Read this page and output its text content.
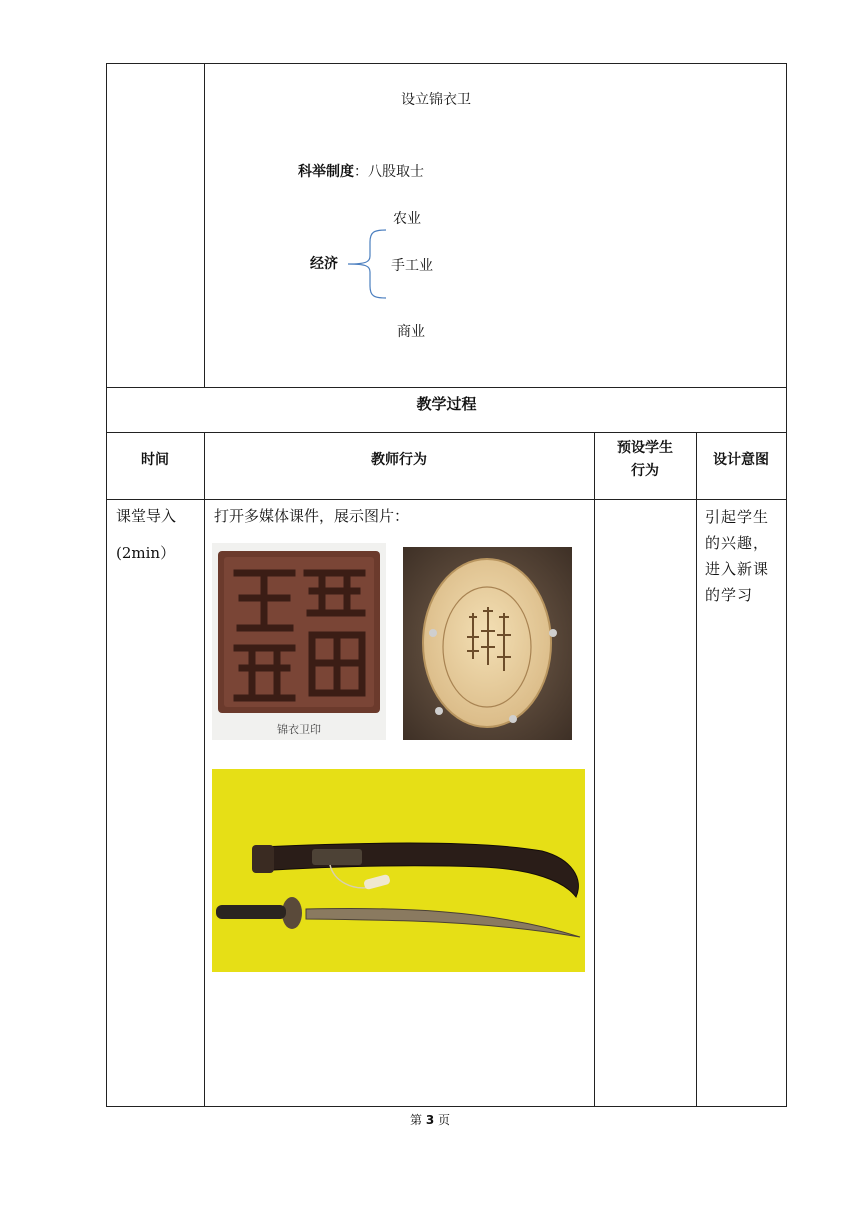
设立锦衣卫
科举制度：八股取士
经济
农业
手工业
商业
教学过程
时间	教师行为
预设学生
行为
设计意图
课堂导入
(2min）
打开多媒体课件，展示图片：	引起学生
的兴趣，
进入新课
的学习
锦衣卫印
第 3 页
